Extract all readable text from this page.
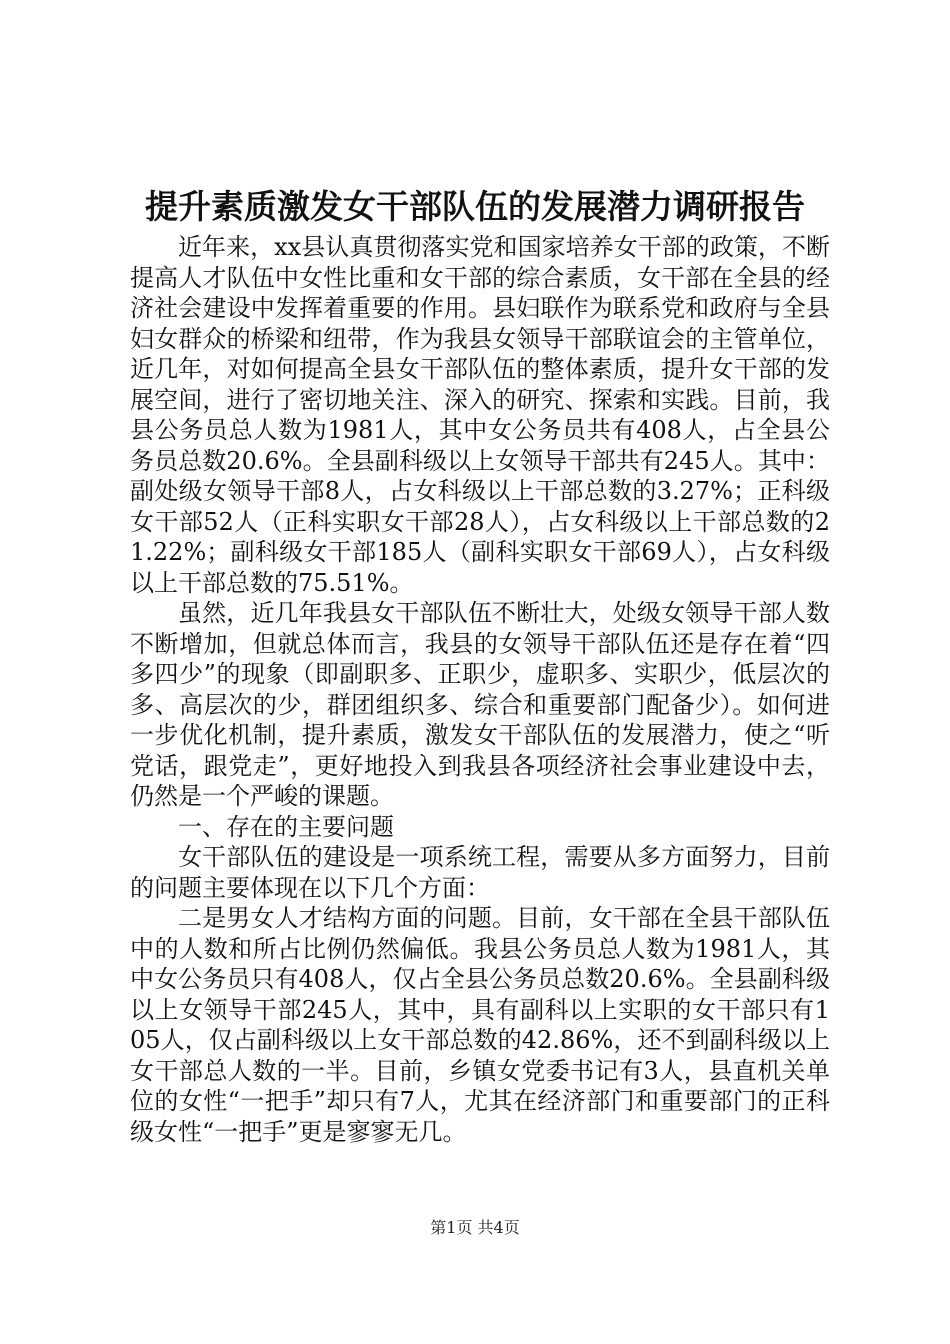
提升素质激发女干部队伍的发展潜力调研报告

近年来，xx县认真贯彻落实党和国家培养女干部的政策，不断提高人才队伍中女性比重和女干部的综合素质，女干部在全县的经济社会建设中发挥着重要的作用。县妇联作为联系党和政府与全县妇女群众的桥梁和纽带，作为我县女领导干部联谊会的主管单位，近几年，对如何提高全县女干部队伍的整体素质，提升女干部的发展空间，进行了密切地关注、深入的研究、探索和实践。目前，我县公务员总人数为1981人，其中女公务员共有408人，占全县公务员总数20.6%。全县副科级以上女领导干部共有245人。其中：副处级女领导干部8人，占女科级以上干部总数的3.27%；正科级女干部52人（正科实职女干部28人），占女科级以上干部总数的21.22%；副科级女干部185人（副科实职女干部69人），占女科级以上干部总数的75.51%。

虽然，近几年我县女干部队伍不断壮大，处级女领导干部人数不断增加，但就总体而言，我县的女领导干部队伍还是存在着“四多四少”的现象（即副职多、正职少，虚职多、实职少，低层次的多、高层次的少，群团组织多、综合和重要部门配备少）。如何进一步优化机制，提升素质，激发女干部队伍的发展潜力，使之“听党话，跟党走”，更好地投入到我县各项经济社会事业建设中去，仍然是一个严峻的课题。

一、存在的主要问题

女干部队伍的建设是一项系统工程，需要从多方面努力，目前的问题主要体现在以下几个方面：

二是男女人才结构方面的问题。目前，女干部在全县干部队伍中的人数和所占比例仍然偏低。我县公务员总人数为1981人，其中女公务员只有408人，仅占全县公务员总数20.6%。全县副科级以上女领导干部245人，其中，具有副科以上实职的女干部只有105人，仅占副科级以上女干部总数的42.86%，还不到副科级以上女干部总人数的一半。目前，乡镇女党委书记有3人，县直机关单位的女性“一把手”却只有7人，尤其在经济部门和重要部门的正科级女性“一把手”更是寥寥无几。

第1页 共4页
